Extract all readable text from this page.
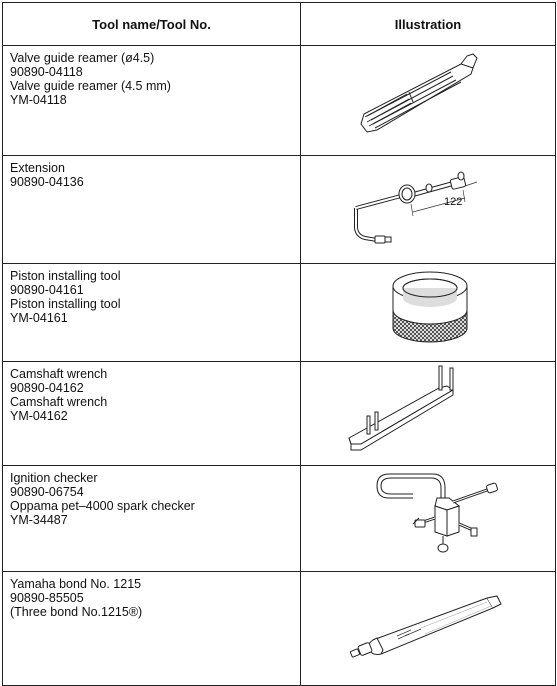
Tool name/Tool No.	Illustration

Valve guide reamer (ø4.5)
90890-04118
Valve guide reamer (4.5 mm)
YM-04118

Extension
90890-04136	122

Piston installing tool
90890-04161
Piston installing tool
YM-04161

Camshaft wrench
90890-04162
Camshaft wrench
YM-04162

Ignition checker
90890-06754
Oppama pet–4000 spark checker
YM-34487

Yamaha bond No. 1215
90890-85505
(Three bond No.1215®)
